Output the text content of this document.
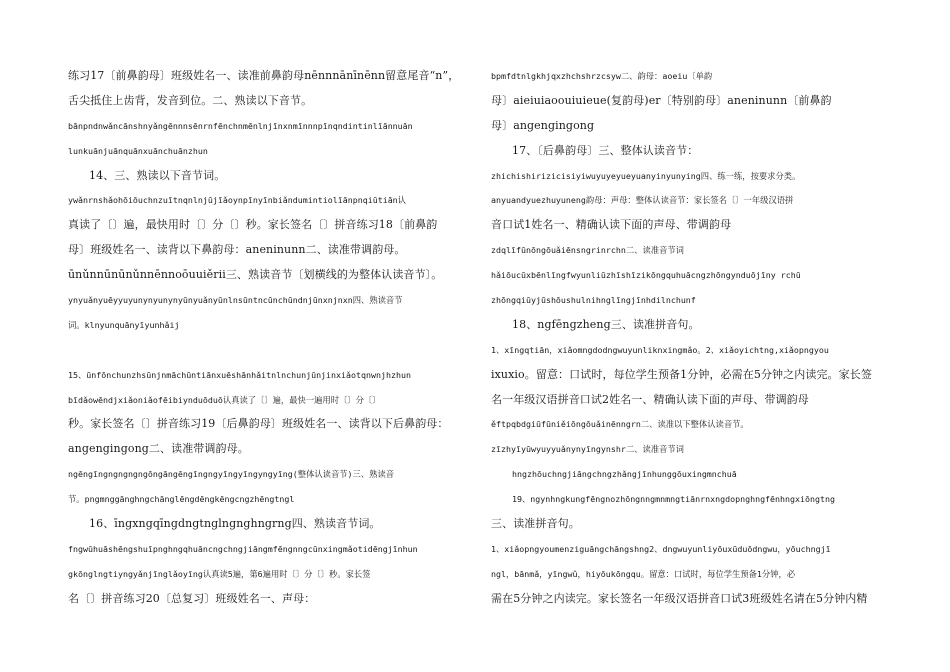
练习17〔前鼻韵母〕班级姓名一、读准前鼻韵母nēnnnānīnēnn留意尾音“n”，
舌尖抵住上齿背，发音到位。二、熟读以下音节。
bānpndnwǎncānshnyǎngēnnnsēnrnfēnchnmēnlnjīnxnmīnnnpīnqndintinlīānnuān
lunkuānjuānquānxuānchuānzhun
14、三、熟读以下音节词。
ywǎnrnshǎohōiōuchnzuītnqnlnjūjīǎoynpīnyīnbiǎndumintiolīānpnqiūtiān认
真读了〔〕遍，最快用时〔〕分〔〕秒。家长签名〔〕拼音练习18〔前鼻韵
母〕班级姓名一、读背以下鼻韵母：aneninunn二、读准带调韵母。
ūnǔnnūnūnǔnnēnnoōuuiěrii三、熟读音节〔划横线的为整体认读音节〕。
ynyuǎnyuēyyuyunynyunynyūnyuǎnyūnlnsūntncūnchūndnjūnxnjnxn四、熟读音节
词。klnyunquānyīyunhǎij
15、ūnfōnchunzhsūnjnmāchūntiānxuēshānhǎitnlnchunjūnjinxiǎotqnwnjhzhun
bīdǎowēndjxiǎoniǎofēibiynduōduō认真读了〔〕遍，最快一遍用时〔〕分〔〕
秒。家长签名〔〕拼音练习19〔后鼻韵母〕班级姓名一、读背以下后鼻韵母：
angengingong二、读准带调韵母。
ngēngīngngngngngōngāngēngīngngyīngyīngyngyīng(整体认读音节)三、熟读音
节。pngmnggānghngchānglēngdēngkēngcngzhēngtngl
16、īngxngqīngdngtnglngnghngrng四、熟读音节词。
fngwūhuāshēngshuīpnghngqhuāncngchngjiāngmfēngnngcūnxingmǎotidēngjīnhun
gkōnglngtiyngyǎnjīnglǎoyīng认真读5遍，第6遍用时〔〕分〔〕秒。家长签
名〔〕拼音练习20〔总复习〕班级姓名一、声母：
bpmfdtnlgkhjqxzhchshrzcsyw二、韵母：aoeiu〔单韵
母〕aieiuiaoouiuieue(复韵母)er〔特别韵母〕aneninunn〔前鼻韵
母〕angengingong
17、〔后鼻韵母〕三、整体认读音节：
zhichishirizicisiyiwuyuyeyueyuanyinyunying四、练一练，按要求分类。
anyuandyuezhuyuneng韵母：声母：整体认读音节：家长签名〔〕一年级汉语拼
音口试1姓名一、精确认读下面的声母、带调韵母
zdqlīfūnōngōuǎiēnsngrinrchn二、读准音节词
hǎiōucūxbēnlīngfwyunliūzhīshīzikōngquhuācngzhōngynduōjīny rchū
zhōngqiūyjūshōushulnihnglīngjīnhdilnchunf
18、ngfēngzheng三、读准拼音句。
1、xīngqtiān，xiǎomngdodngwuyunliknxingmǎo。2、xiǎoyichtng,xiǎopngyou
ixuxio。留意：口试时，每位学生预备1分钟，必需在5分钟之内读完。家长签
名一年级汉语拼音口试2姓名一、精确认读下面的声母、带调韵母
ěftpqbdgiūfūniěiōngōuǎinēnngrn二、读准以下整体认读音节。
zīzhyīyūwyuyyuǎnynyīngynshr二、读准音节词
hngzhōuchngjiāngchngzhǎngjīnhunggōuxingmnchuā
19、ngynhngkungfēngnozhōngnngmnmngtiānrnxngdopnghngfēnhngxiōngtng
三、读准拼音句。
1、xiǎopngyoumenziguāngchāngshng2、dngwuyunliyōuxūduōdngwu，yōuchngjī
ngl，bānmǎ，yīngwǔ，hiyōukōngqu。留意：口试时，每位学生预备1分钟，必
需在5分钟之内读完。家长签名一年级汉语拼音口试3班级姓名请在5分钟内精
